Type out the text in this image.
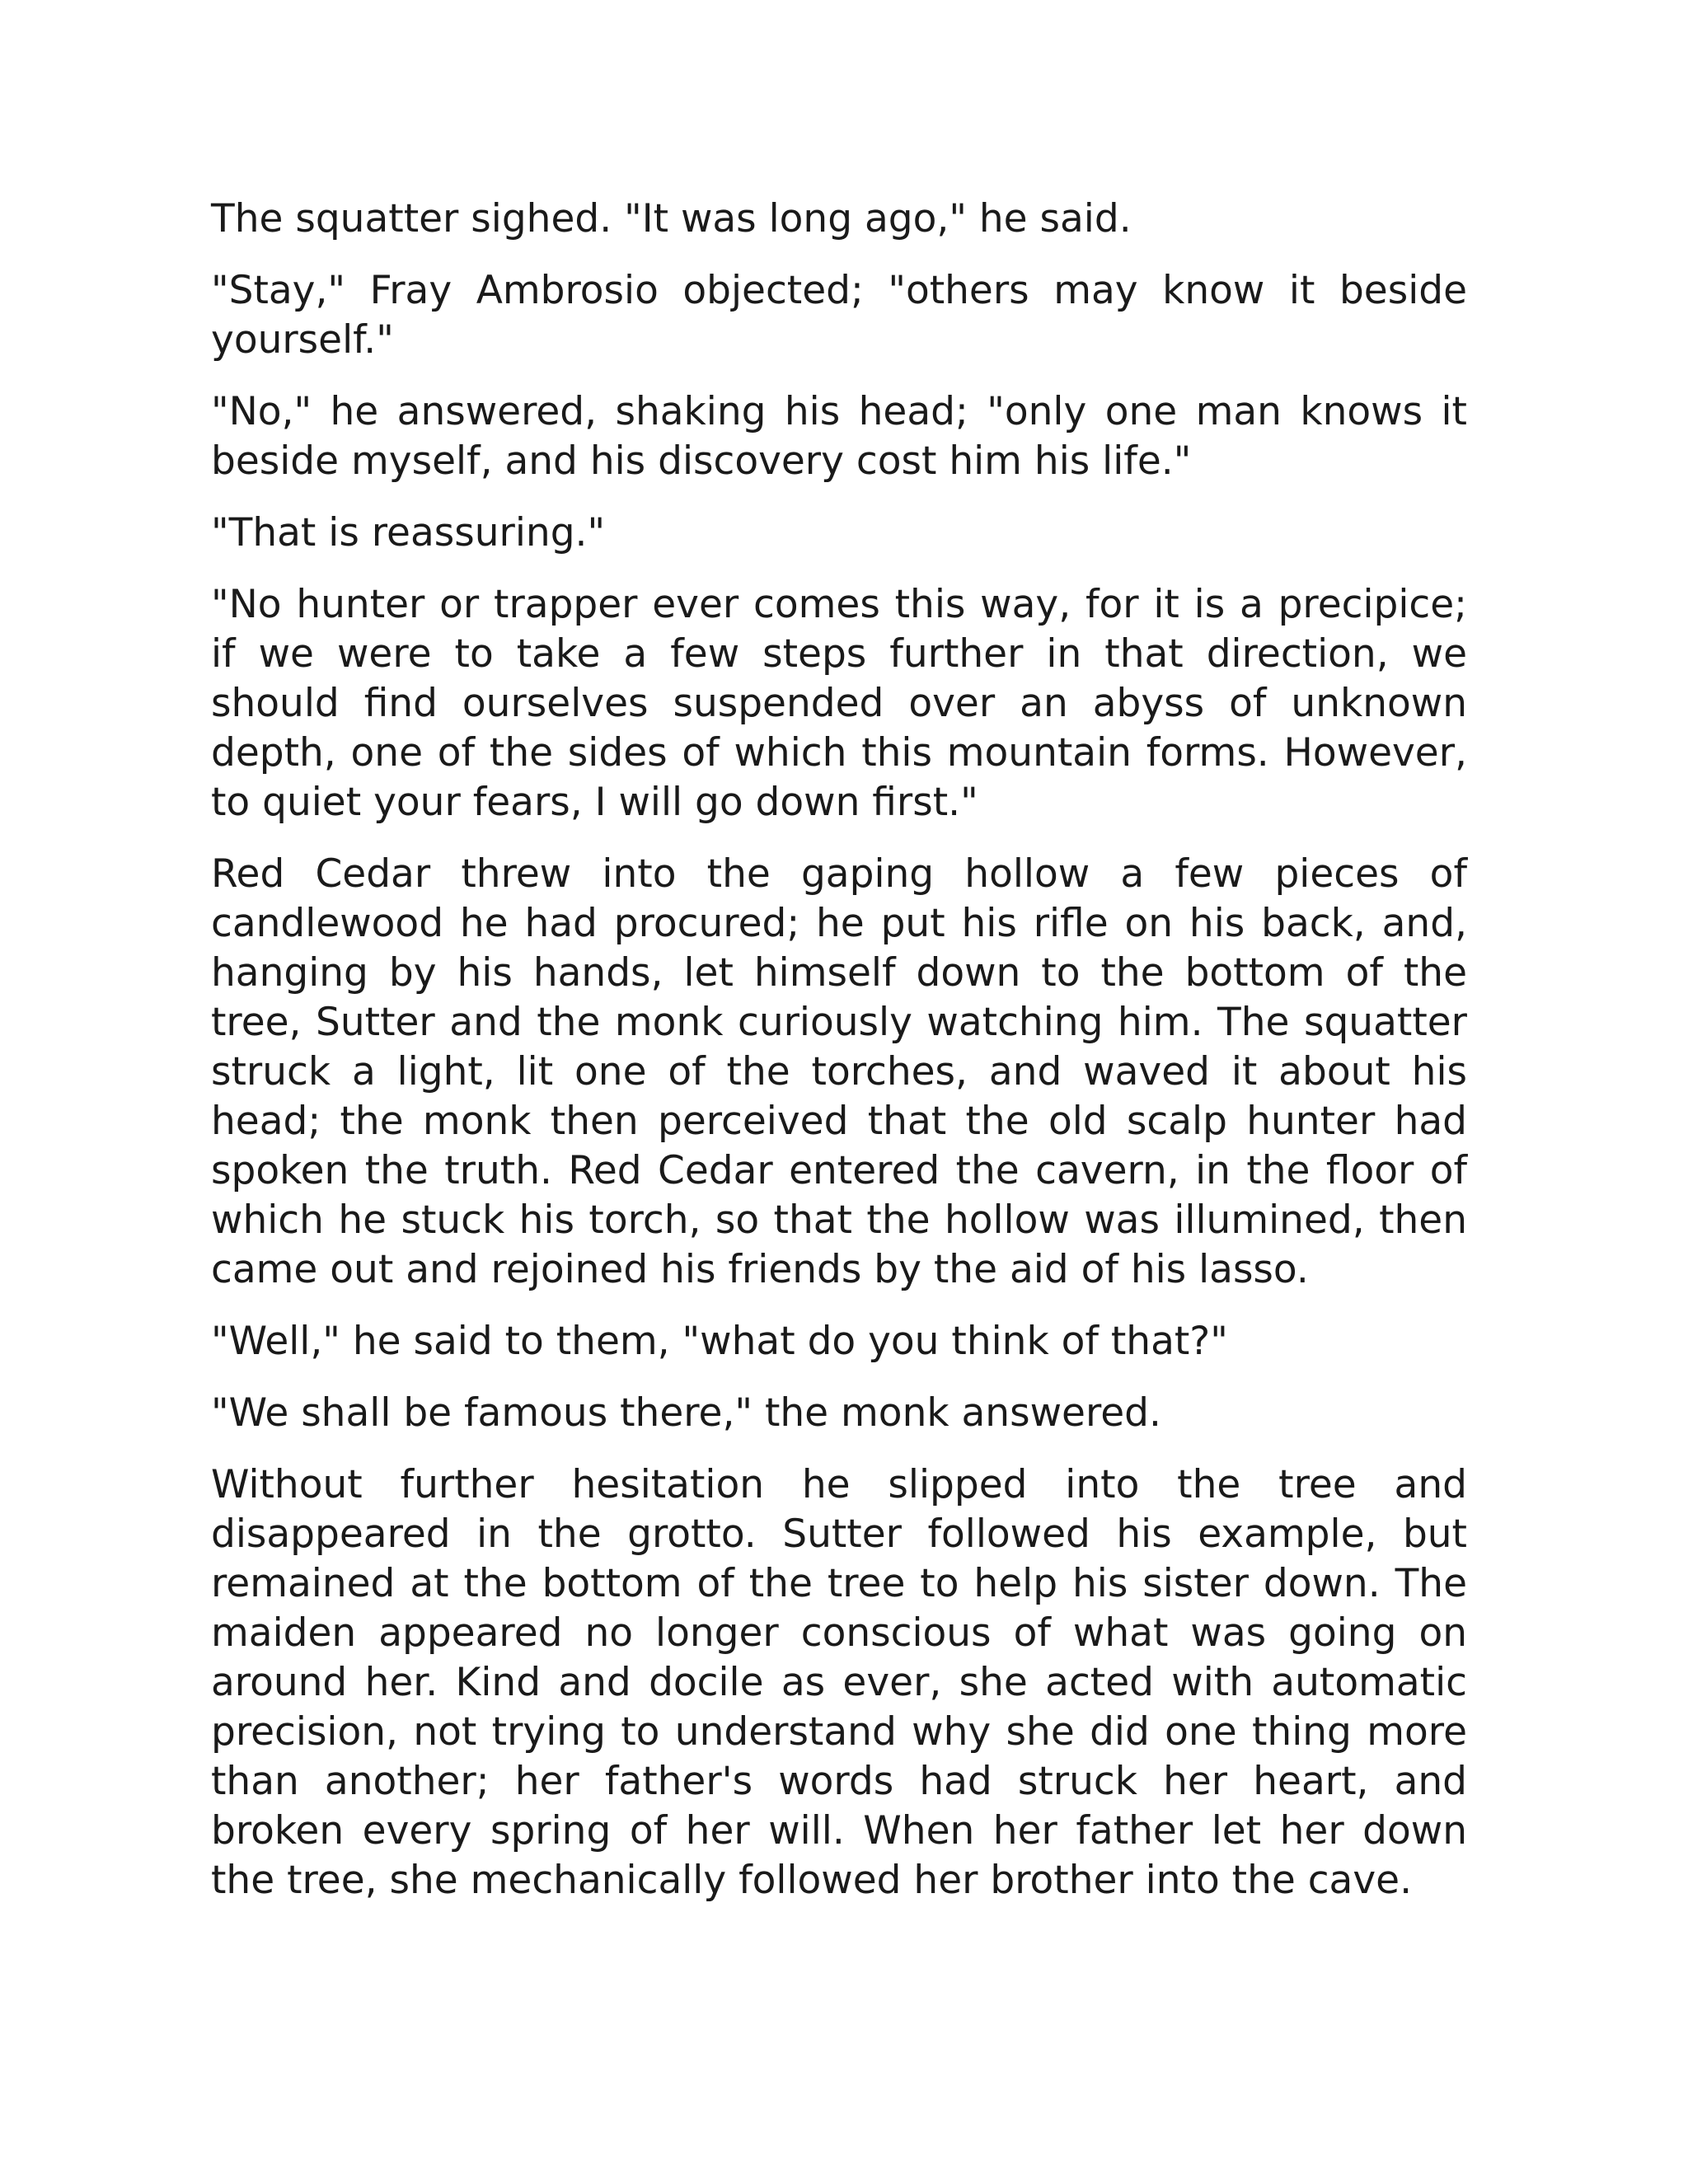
The squatter sighed. "It was long ago," he said.

"Stay," Fray Ambrosio objected; "others may know it beside yourself."

"No," he answered, shaking his head; "only one man knows it beside myself, and his discovery cost him his life."

"That is reassuring."

"No hunter or trapper ever comes this way, for it is a precipice; if we were to take a few steps further in that direction, we should find ourselves suspended over an abyss of unknown depth, one of the sides of which this mountain forms. However, to quiet your fears, I will go down first."

Red Cedar threw into the gaping hollow a few pieces of candlewood he had procured; he put his rifle on his back, and, hanging by his hands, let himself down to the bottom of the tree, Sutter and the monk curiously watching him. The squatter struck a light, lit one of the torches, and waved it about his head; the monk then perceived that the old scalp hunter had spoken the truth. Red Cedar entered the cavern, in the floor of which he stuck his torch, so that the hollow was illumined, then came out and rejoined his friends by the aid of his lasso.

"Well," he said to them, "what do you think of that?"

"We shall be famous there," the monk answered.

Without further hesitation he slipped into the tree and disappeared in the grotto. Sutter followed his example, but remained at the bottom of the tree to help his sister down. The maiden appeared no longer conscious of what was going on around her. Kind and docile as ever, she acted with automatic precision, not trying to understand why she did one thing more than another; her father's words had struck her heart, and broken every spring of her will. When her father let her down the tree, she mechanically followed her brother into the cave.
